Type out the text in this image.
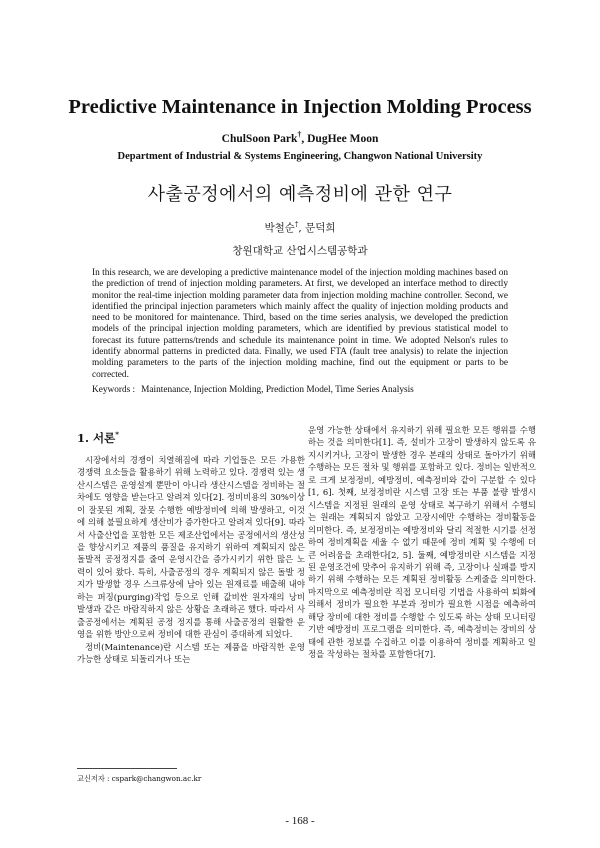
Predictive Maintenance in Injection Molding Process
ChulSoon Park†, DugHee Moon
Department of Industrial & Systems Engineering, Changwon National University
사출공정에서의 예측정비에 관한 연구
박철순†, 문덕희
창원대학교 산업시스템공학과

In this research, we are developing a predictive maintenance model of the injection molding machines based on the prediction of trend of injection molding parameters. At first, we developed an interface method to directly monitor the real-time injection molding parameter data from injection molding machine controller. Second, we identified the principal injection parameters which mainly affect the quality of injection molding products and need to be monitored for maintenance. Third, based on the time series analysis, we developed the prediction models of the principal injection molding parameters, which are identified by previous statistical model to forecast its future patterns/trends and schedule its maintenance point in time. We adopted Nelson's rules to identify abnormal patterns in predicted data. Finally, we used FTA (fault tree analysis) to relate the injection molding parameters to the parts of the injection molding machine, find out the equipment or parts to be corrected.

Keywords : Maintenance, Injection Molding, Prediction Model, Time Series Analysis
1. 서론*

시장에서의 경쟁이 치열해짐에 따라 기업들은 모든 가용한 경쟁력 요소들을 활용하기 위해 노력하고 있다. 경쟁력 있는 생산시스템은 운영설계 뿐만이 아니라 생산시스템을 정비하는 절차에도 영향을 받는다고 알려져 있다[2]. 정비비용의 30%이상이 잘못된 계획, 잘못 수행한 예방정비에 의해 발생하고, 이것에 의해 불필요하게 생산비가 증가한다고 알려져 있다[9]. 따라서 사출산업을 포함한 모든 제조산업에서는 공정에서의 생산성을 향상시키고 제품의 품질을 유지하기 위하여 계획되지 않은 돌발적 공정정지를 줄여 운영시간을 증가시키기 위한 많은 노력이 있어 왔다. 특히, 사출공정의 경우 계획되지 않은 돌발 정지가 발생할 경우 스크류상에 남아 있는 원재료를 배출해 내야 하는 퍼징(purging)작업 등으로 인해 값비싼 원자재의 낭비 발생과 같은 바람직하지 않은 상황을 초래하곤 했다. 따라서 사출공정에서는 계획된 공정 정지를 통해 사출공정의 원활한 운영을 위한 방안으로써 정비에 대한 관심이 증대하게 되었다.

정비(Maintenance)란 시스템 또는 제품을 바람직한 운영 가능한 상태로 되돌리거나 또는

운영 가능한 상태에서 유지하기 위해 필요한 모든 행위를 수행하는 것을 의미한다[1]. 즉, 설비가 고장이 발생하지 않도록 유지시키거나, 고장이 발생한 경우 본래의 상태로 돌아가기 위해 수행하는 모든 절차 및 행위를 포함하고 있다. 정비는 일반적으로 크게 보정정비, 예방정비, 예측정비와 같이 구분할 수 있다[1, 6]. 첫째, 보정정비란 시스템 고장 또는 부품 불량 발생시 시스템을 지정된 원래의 운영 상태로 복구하기 위해서 수행되는 원래는 계획되지 않았고 고장시에만 수행하는 정비활동을 의미한다. 즉, 보정정비는 예방정비와 달리 적절한 시기를 선정하여 정비계획을 세울 수 없기 때문에 정비 계획 및 수행에 더 큰 어려움을 초래한다[2, 5]. 둘째, 예방정비란 시스템을 지정된 운영조건에 맞추어 유지하기 위해 즉, 고장이나 실패를 방지하기 위해 수행하는 모든 계획된 정비활동 스케줄을 의미한다. 마지막으로 예측정비란 직접 모니터링 기법을 사용하여 퇴화에 의해서 정비가 필요한 부분과 정비가 필요한 시점을 예측하여 해당 장비에 대한 정비를 수행할 수 있도록 하는 상태 모니터링 기반 예방정비 프로그램을 의미한다. 즉, 예측정비는 장비의 상태에 관한 정보를 수집하고 이를 이용하여 정비를 계획하고 일정을 작성하는 절차를 포함한다[7].

교신저자 : cspark@changwon.ac.kr
- 168 -
